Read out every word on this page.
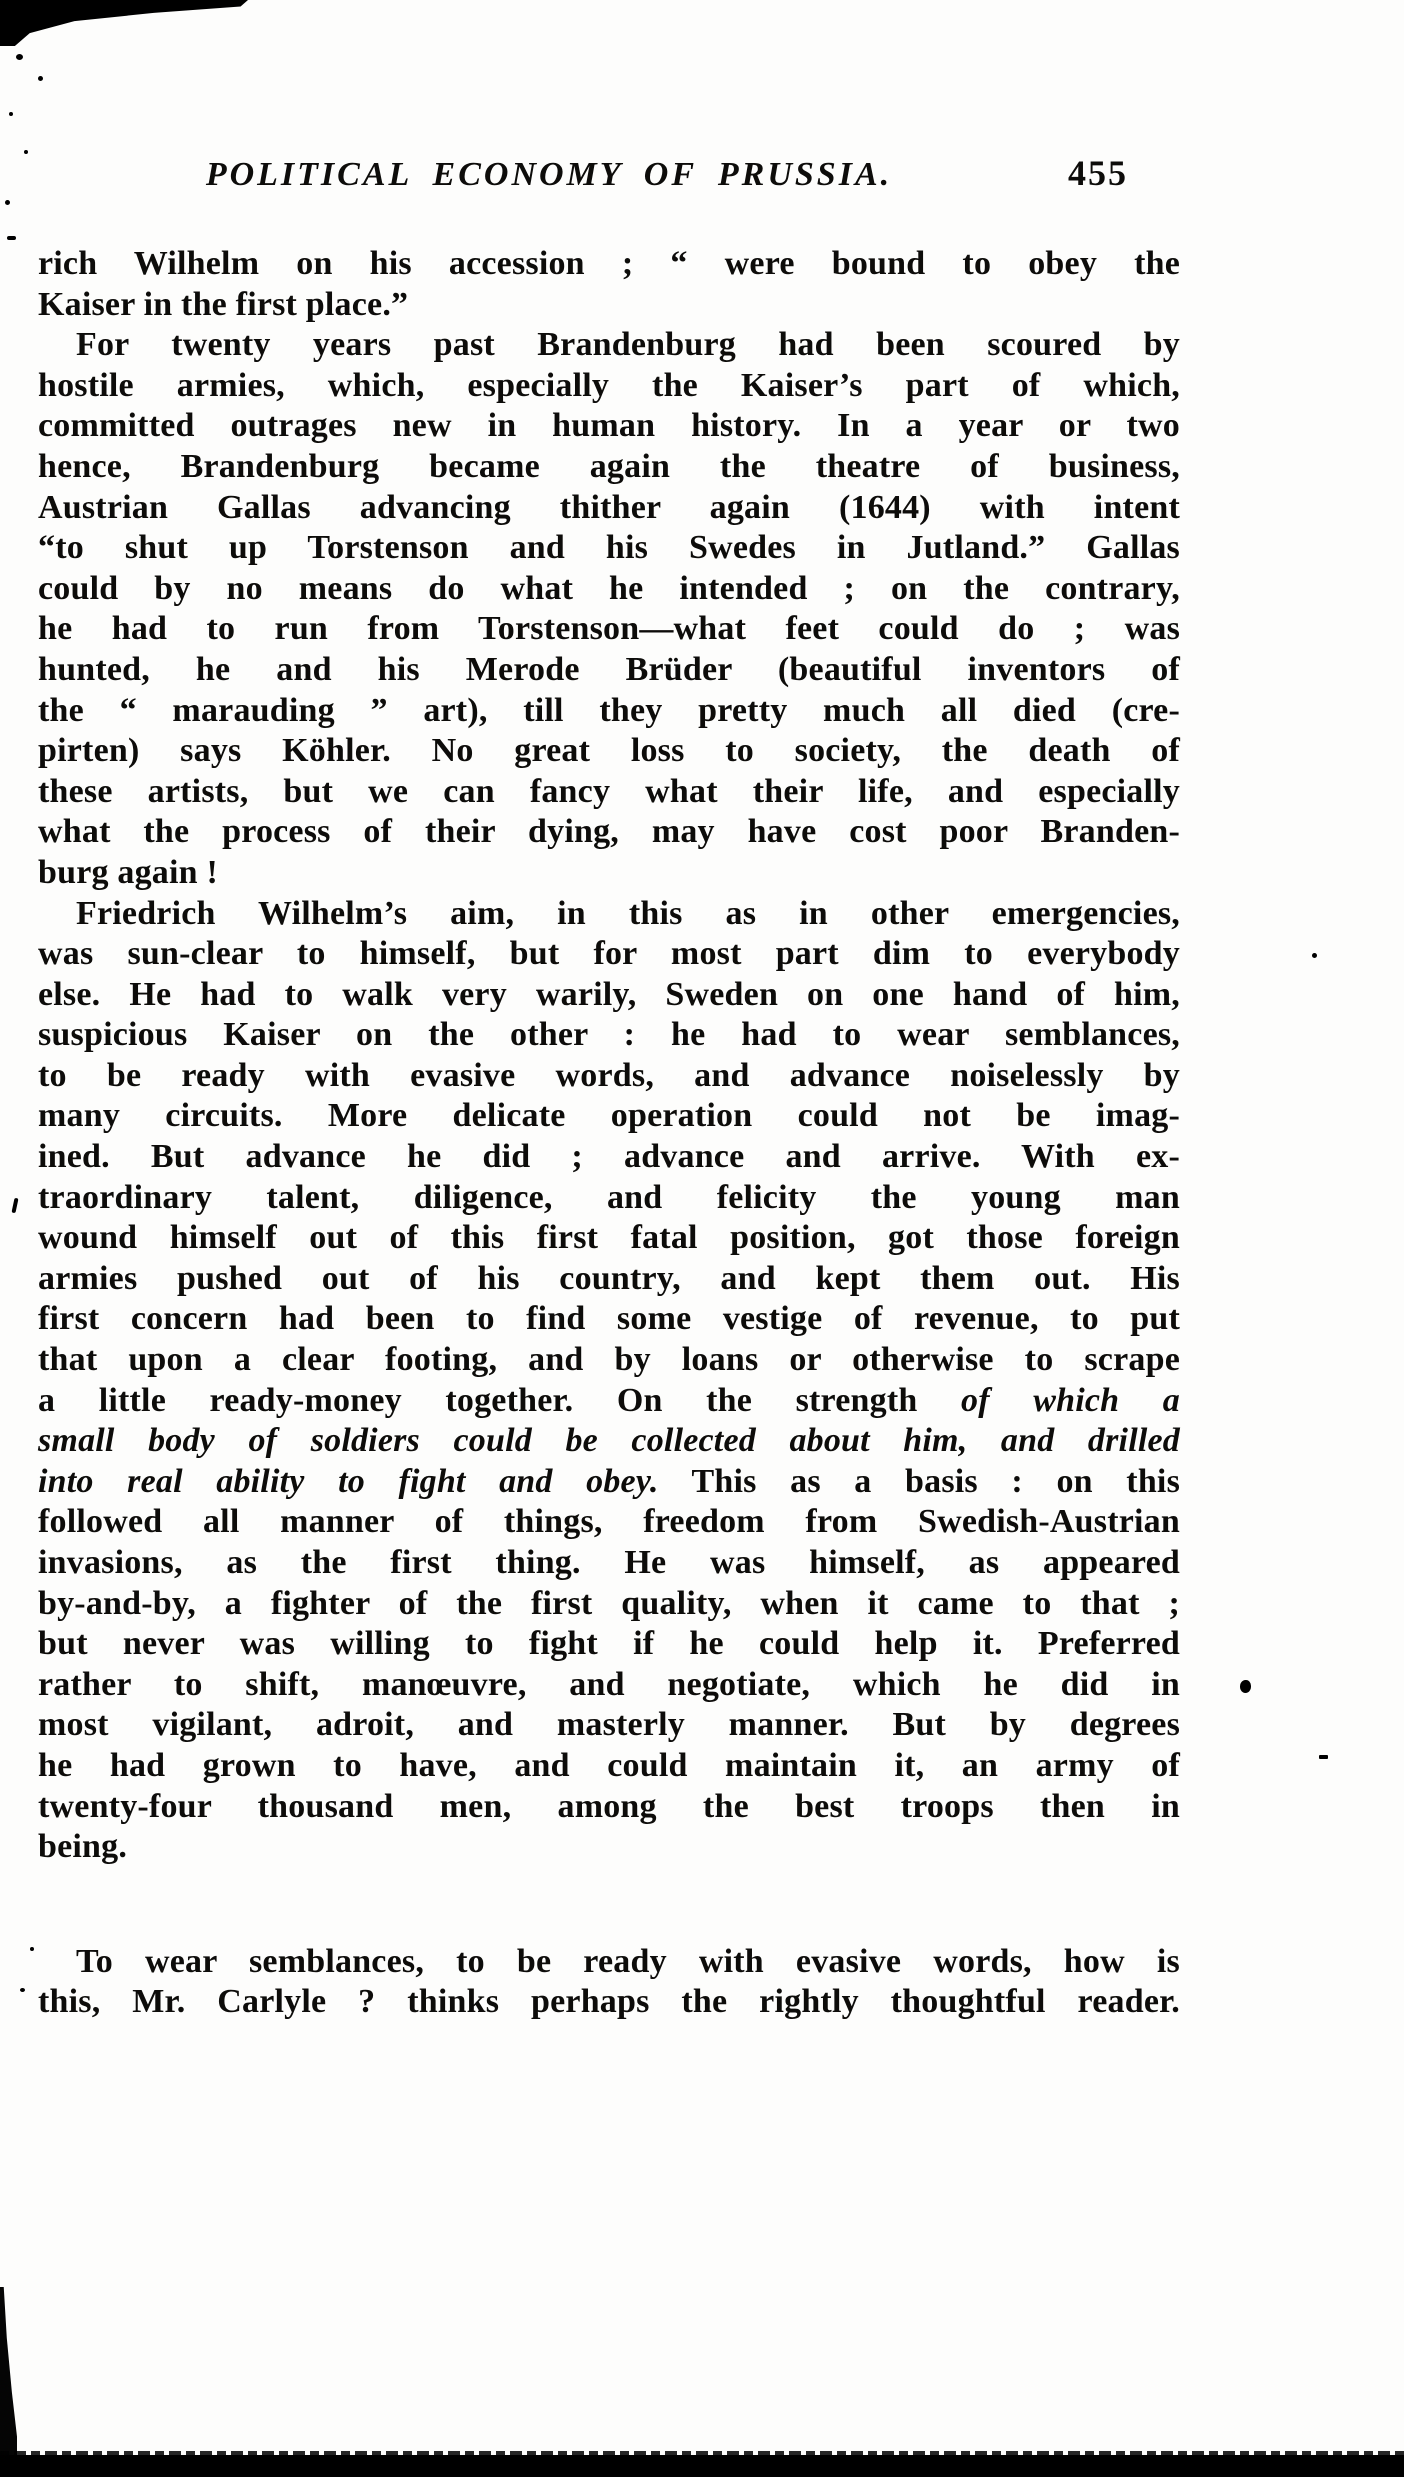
POLITICAL ECONOMY OF PRUSSIA.	455
rich Wilhelm on his accession ; “ were bound to obey the
Kaiser in the first place.”
For twenty years past Brandenburg had been scoured by
hostile armies, which, especially the Kaiser’s part of which,
committed outrages new in human history. In a year or two
hence, Brandenburg became again the theatre of business,
Austrian Gallas advancing thither again (1644) with intent
“to shut up Torstenson and his Swedes in Jutland.” Gallas
could by no means do what he intended ; on the contrary,
he had to run from Torstenson—what feet could do ; was
hunted, he and his Merode Brüder (beautiful inventors of
the “ marauding ” art), till they pretty much all died (cre-
pirten) says Köhler. No great loss to society, the death of
these artists, but we can fancy what their life, and especially
what the process of their dying, may have cost poor Branden-
burg again !
Friedrich Wilhelm’s aim, in this as in other emergencies,
was sun-clear to himself, but for most part dim to everybody
else. He had to walk very warily, Sweden on one hand of him,
suspicious Kaiser on the other : he had to wear semblances,
to be ready with evasive words, and advance noiselessly by
many circuits. More delicate operation could not be imag-
ined. But advance he did ; advance and arrive. With ex-
traordinary talent, diligence, and felicity the young man
wound himself out of this first fatal position, got those foreign
armies pushed out of his country, and kept them out. His
first concern had been to find some vestige of revenue, to put
that upon a clear footing, and by loans or otherwise to scrape
a little ready-money together. On the strength of which a
small body of soldiers could be collected about him, and drilled
into real ability to fight and obey. This as a basis : on this
followed all manner of things, freedom from Swedish-Austrian
invasions, as the first thing. He was himself, as appeared
by-and-by, a fighter of the first quality, when it came to that ;
but never was willing to fight if he could help it. Preferred
rather to shift, manœuvre, and negotiate, which he did in
most vigilant, adroit, and masterly manner. But by degrees
he had grown to have, and could maintain it, an army of
twenty-four thousand men, among the best troops then in
being.
To wear semblances, to be ready with evasive words, how is
this, Mr. Carlyle ? thinks perhaps the rightly thoughtful reader.
